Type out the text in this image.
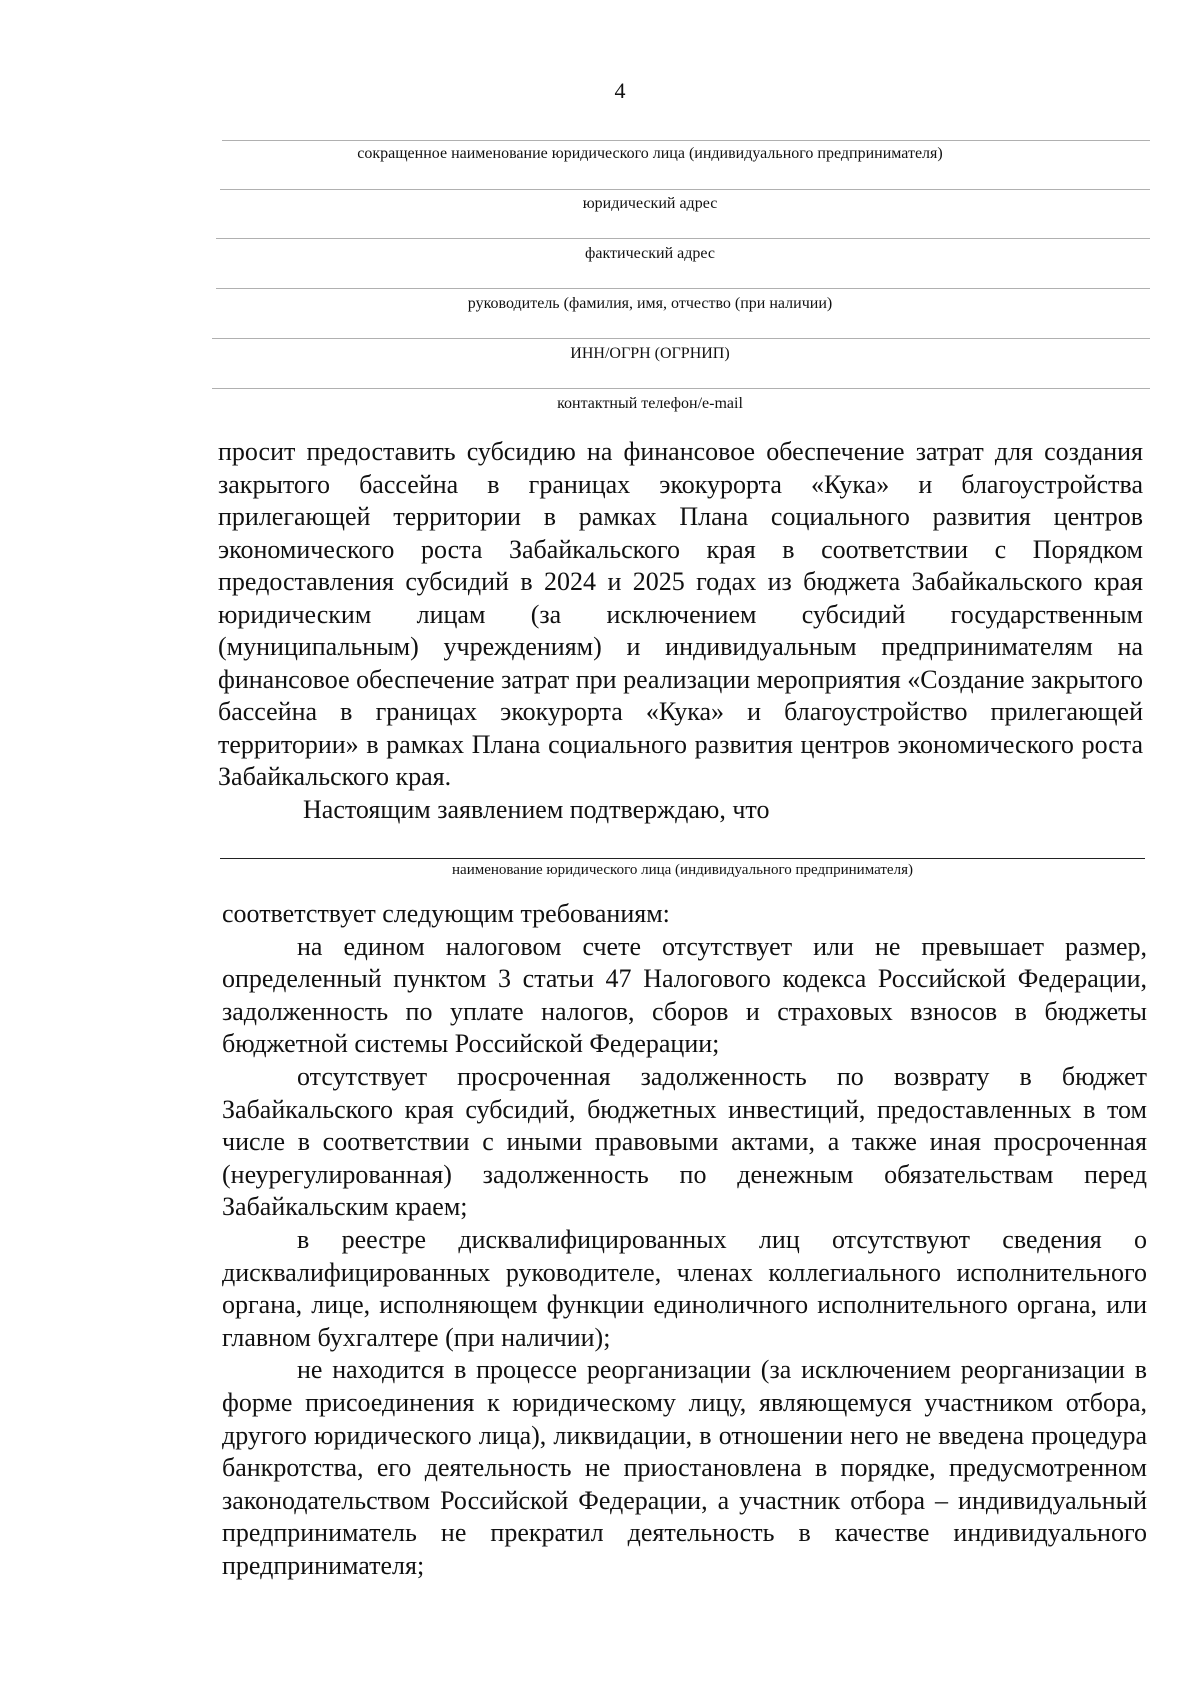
4
сокращенное наименование юридического лица (индивидуального предпринимателя)
юридический адрес
фактический адрес
руководитель (фамилия, имя, отчество (при наличии)
ИНН/ОГРН (ОГРНИП)
контактный телефон/e-mail

просит предоставить субсидию на финансовое обеспечение затрат для создания закрытого бассейна в границах экокурорта «Кука» и благоустройства прилегающей территории в рамках Плана социального развития центров экономического роста Забайкальского края в соответствии с Порядком предоставления субсидий в 2024 и 2025 годах из бюджета Забайкальского края юридическим лицам (за исключением субсидий государственным (муниципальным) учреждениям) и индивидуальным предпринимателям на финансовое обеспечение затрат при реализации мероприятия «Создание закрытого бассейна в границах экокурорта «Кука» и благоустройство прилегающей территории» в рамках Плана социального развития центров экономического роста Забайкальского края.

Настоящим заявлением подтверждаю, что

наименование юридического лица (индивидуального предпринимателя)

соответствует следующим требованиям:

на едином налоговом счете отсутствует или не превышает размер, определенный пунктом 3 статьи 47 Налогового кодекса Российской Федерации, задолженность по уплате налогов, сборов и страховых взносов в бюджеты бюджетной системы Российской Федерации;

отсутствует просроченная задолженность по возврату в бюджет Забайкальского края субсидий, бюджетных инвестиций, предоставленных в том числе в соответствии с иными правовыми актами, а также иная просроченная (неурегулированная) задолженность по денежным обязательствам перед Забайкальским краем;

в реестре дисквалифицированных лиц отсутствуют сведения о дисквалифицированных руководителе, членах коллегиального исполнительного органа, лице, исполняющем функции единоличного исполнительного органа, или главном бухгалтере (при наличии);

не находится в процессе реорганизации (за исключением реорганизации в форме присоединения к юридическому лицу, являющемуся участником отбора, другого юридического лица), ликвидации, в отношении него не введена процедура банкротства, его деятельность не приостановлена в порядке, предусмотренном законодательством Российской Федерации, а участник отбора – индивидуальный предприниматель не прекратил деятельность в качестве индивидуального предпринимателя;
